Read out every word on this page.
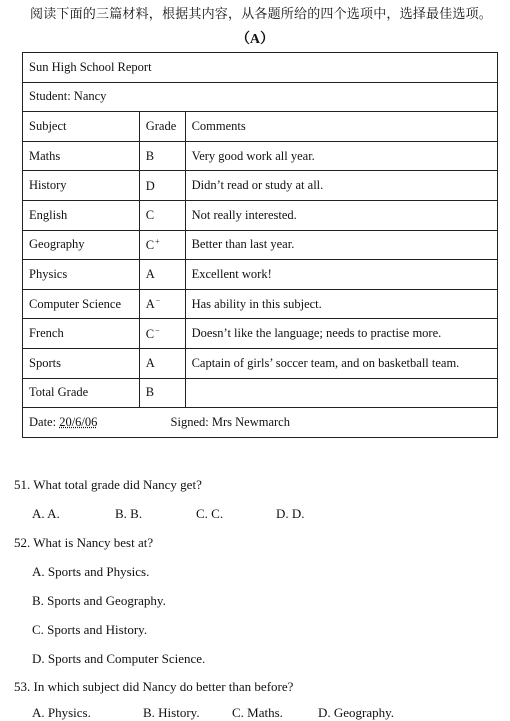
阅读下面的三篇材料，根据其内容，从各题所给的四个选项中，选择最佳选项。
（A）
Sun High School Report		
Student: Nancy		
Subject	Grade	Comments
Maths	B	Very good work all year.
History	D	Didn’t read or study at all.
English	C	Not really interested.
Geography	C+	Better than last year.
Physics	A	Excellent work!
Computer Science	A−	Has ability in this subject.
French	C−	Doesn’t like the language; needs to practise more.
Sports	A	Captain of girls’ soccer team, and on basketball team.
Total Grade	B	
Date: 20/6/06 Signed: Mrs Newmarch		
51. What total grade did Nancy get?
A. A.	B. B.	C. C.	D. D.
52. What is Nancy best at?
A. Sports and Physics.
B. Sports and Geography.
C. Sports and History.
D. Sports and Computer Science.
53. In which subject did Nancy do better than before?
A. Physics.	B. History. C. Maths.	D. Geography.
